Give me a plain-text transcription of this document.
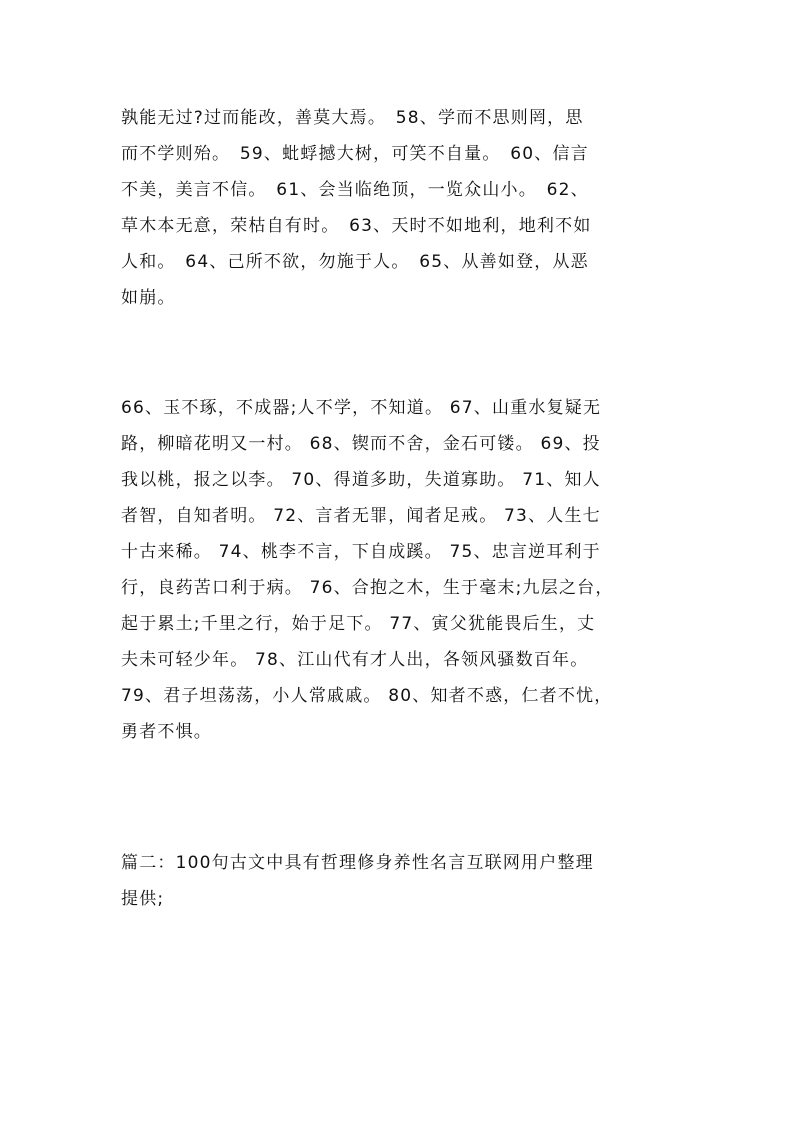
孰能无过?过而能改，善莫大焉。　58、学而不思则罔，思
而不学则殆。　59、蚍蜉撼大树，可笑不自量。　60、信言
不美，美言不信。　61、会当临绝顶，一览众山小。　62、
草木本无意，荣枯自有时。　63、天时不如地利，地利不如
人和。　64、己所不欲，勿施于人。　65、从善如登，从恶
如崩。
66、玉不琢，不成器;人不学，不知道。 67、山重水复疑无
路，柳暗花明又一村。 68、锲而不舍，金石可镂。 69、投
我以桃，报之以李。 70、得道多助，失道寡助。 71、知人
者智，自知者明。 72、言者无罪，闻者足戒。 73、人生七
十古来稀。 74、桃李不言，下自成蹊。 75、忠言逆耳利于
行，良药苦口利于病。 76、合抱之木，生于毫末;九层之台，
起于累土;千里之行，始于足下。 77、寅父犹能畏后生，丈
夫未可轻少年。 78、江山代有才人出，各领风骚数百年。
79、君子坦荡荡，小人常戚戚。 80、知者不惑，仁者不忧，
勇者不惧。
篇二：100句古文中具有哲理修身养性名言互联网用户整理
提供;
